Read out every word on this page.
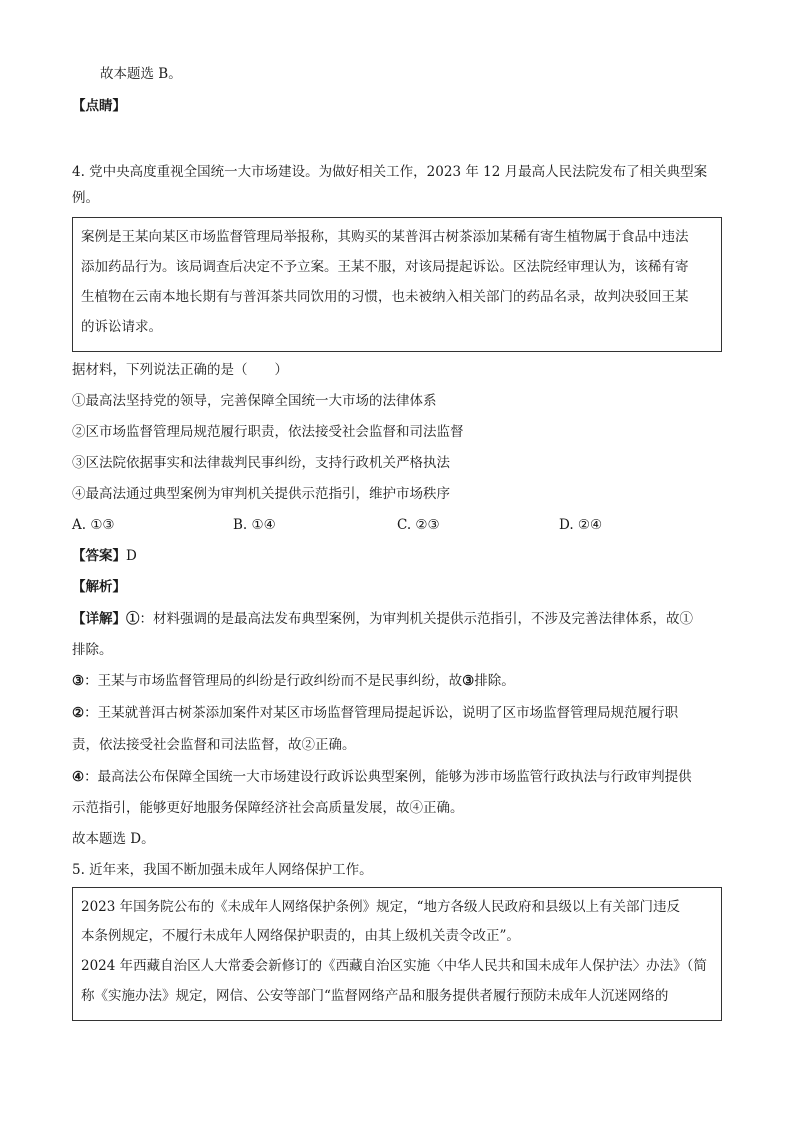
故本题选 B。
【点睛】
4. 党中央高度重视全国统一大市场建设。为做好相关工作，2023 年 12 月最高人民法院发布了相关典型案
例。
案例是王某向某区市场监督管理局举报称，其购买的某普洱古树茶添加某稀有寄生植物属于食品中违法
添加药品行为。该局调查后决定不予立案。王某不服，对该局提起诉讼。区法院经审理认为，该稀有寄
生植物在云南本地长期有与普洱茶共同饮用的习惯，也未被纳入相关部门的药品名录，故判决驳回王某
的诉讼请求。
据材料，下列说法正确的是（　　）
①最高法坚持党的领导，完善保障全国统一大市场的法律体系
②区市场监督管理局规范履行职责，依法接受社会监督和司法监督
③区法院依据事实和法律裁判民事纠纷，支持行政机关严格执法
④最高法通过典型案例为审判机关提供示范指引，维护市场秩序
A. ①③	B. ①④	C. ②③	D. ②④
【答案】D
【解析】
【详解】①：材料强调的是最高法发布典型案例，为审判机关提供示范指引，不涉及完善法律体系，故①
排除。
③：王某与市场监督管理局的纠纷是行政纠纷而不是民事纠纷，故③排除。
②：王某就普洱古树茶添加案件对某区市场监督管理局提起诉讼，说明了区市场监督管理局规范履行职
责，依法接受社会监督和司法监督，故②正确。
④：最高法公布保障全国统一大市场建设行政诉讼典型案例，能够为涉市场监管行政执法与行政审判提供
示范指引，能够更好地服务保障经济社会高质量发展，故④正确。
故本题选 D。
5. 近年来，我国不断加强未成年人网络保护工作。
2023 年国务院公布的《未成年人网络保护条例》规定，“地方各级人民政府和县级以上有关部门违反
本条例规定，不履行未成年人网络保护职责的，由其上级机关责令改正”。
2024 年西藏自治区人大常委会新修订的《西藏自治区实施〈中华人民共和国未成年人保护法〉办法》（简
称《实施办法》规定，网信、公安等部门“监督网络产品和服务提供者履行预防未成年人沉迷网络的
